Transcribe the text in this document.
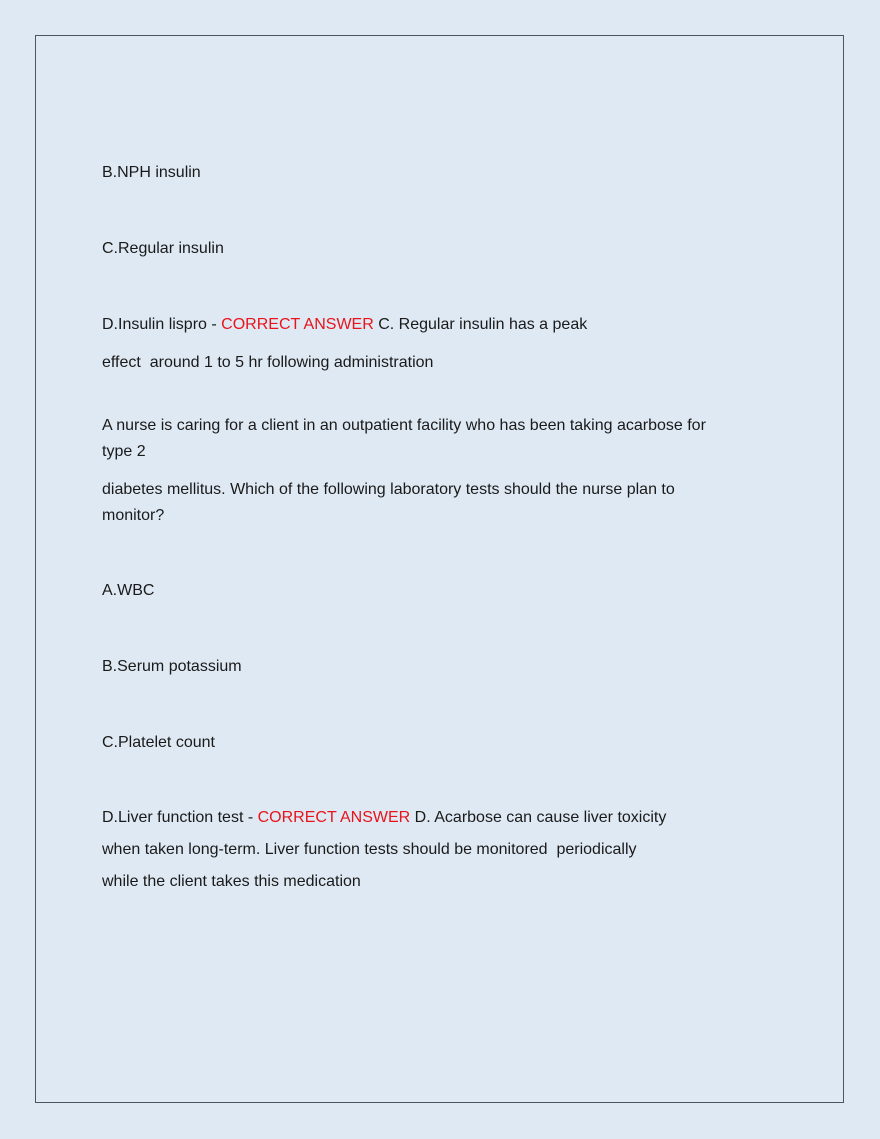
B.NPH insulin
C.Regular insulin
D.Insulin lispro - CORRECT ANSWER C. Regular insulin has a peak
effect  around 1 to 5 hr following administration
A nurse is caring for a client in an outpatient facility who has been taking acarbose for
type 2
diabetes mellitus. Which of the following laboratory tests should the nurse plan to
monitor?
A.WBC
B.Serum potassium
C.Platelet count
D.Liver function test - CORRECT ANSWER D. Acarbose can cause liver toxicity
when taken long-term. Liver function tests should be monitored  periodically
while the client takes this medication
